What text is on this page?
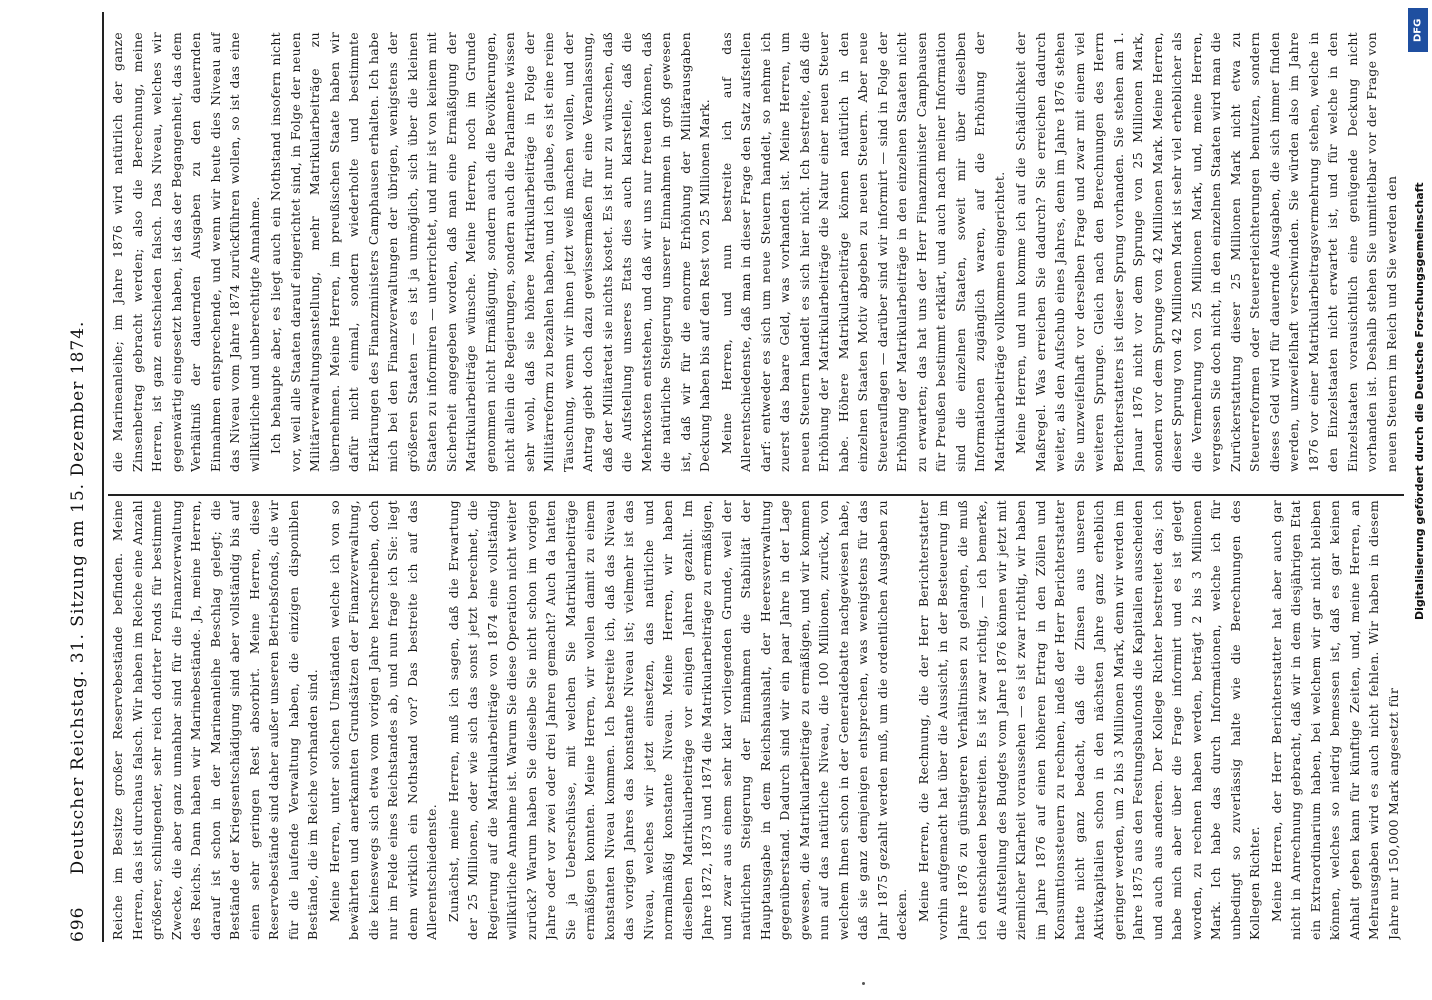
696
Deutscher Reichstag. 31. Sitzung am 15. Dezember 1874. Reiche im Besitze großer Reservebestände befinden. Meine Herren, das ist durchaus falsch. Wir haben im Reiche eine Anzahl größerer, schlingender, sehr reich dotirter Fonds für bestimmte Zwecke, die aber ganz unnahbar sind für die Finanzverwaltung des Reichs. Dann haben wir Marinebestände. Ja, meine Herren, darauf ist schon in der Marineanleihe Beschlag gelegt; die Bestände der Kriegsentschädigung sind aber vollständig bis auf einen sehr geringen Rest absorbirt. Meine Herren, diese Reservebestände sind daher außer unseren Betriebsfonds, die wir für die laufende Verwaltung haben, die einzigen disponiblen Bestände, die im Reiche vorhanden sind. Meine Herren, unter solchen Umständen welche ich von so bewährten und anerkannten Grundsätzen der Finanzverwaltung, die keineswegs sich etwa vom vorigen Jahre herschreiben, doch nur im Felde eines Reichstandes ab, und nun frage ich Sie: liegt denn wirklich ein Nothstand vor? Das bestreite ich auf das Allerentschiedenste. Zunächst, meine Herren, muß ich sagen, daß die Erwartung der 25 Millionen, oder wie sich das sonst jetzt berechnet, die Regierung auf die Matrikularbeiträge von 1874 eine vollständig willkürliche Annahme ist. Warum Sie diese Operation nicht weiter zurück? Warum haben Sie dieselbe Sie nicht schon im vorigen Jahre oder vor zwei oder drei Jahren gemacht? Auch da hatten Sie ja Ueberschüsse, mit welchen Sie Matrikularbeiträge ermäßigen konnten. Meine Herren, wir wollen damit zu einem konstanten Niveau kommen. Ich bestreite ich, daß das Niveau das vorigen Jahres das konstante Niveau ist; vielmehr ist das Niveau, welches wir jetzt einsetzen, das natürliche und normalmäßig konstante Niveau. Meine Herren, wir haben dieselben Matrikularbeiträge vor einigen Jahren gezahlt. Im Jahre 1872, 1873 und 1874 die Matrikularbeiträge zu ermäßigen, und zwar aus einem sehr klar vorliegenden Grunde, weil der natürlichen Steigerung der Einnahmen die Stabilität der Hauptausgabe in dem Reichshaushalt, der Heeresverwaltung gegenüberstand. Dadurch sind wir ein paar Jahre in der Lage gewesen, die Matrikularbeiträge zu ermäßigen, und wir kommen nun auf das natürliche Niveau, die 100 Millionen, zurück, von welchem Ihnen schon in der Generaldebatte nachgewiesen habe, daß sie ganz demjenigen entsprechen, was wenigstens für das Jahr 1875 gezahlt werden muß, um die ordentlichen Ausgaben zu decken. Meine Herren, die Rechnung, die der Herr Berichterstatter vorhin aufgemacht hat über die Aussicht, in der Besteuerung im Jahre 1876 zu günstigeren Verhältnissen zu gelangen, die muß ich entschieden bestreiten. Es ist zwar richtig, — ich bemerke, die Aufstellung des Budgets vom Jahre 1876 können wir jetzt mit ziemlicher Klarheit voraussehen — es ist zwar richtig, wir haben im Jahre 1876 auf einen höheren Ertrag in den Zöllen und Konsumtionssteuern zu rechnen, indeß der Herr Berichterstatter hatte nicht ganz bedacht, daß die Zinsen aus unseren Aktivkapitalien schon in den nächsten Jahre ganz erheblich geringer werden, um 2 bis 3 Millionen Mark, denn wir werden im Jahre 1875 aus den Festungsbaufonds die Kapitalien ausscheiden und auch aus anderen. Der Kollege Richter bestreitet das; ich habe mich aber über die Frage informirt und es ist gelegt worden, zu rechnen haben werden, beträgt 2 bis 3 Millionen Mark. Ich habe das durch Informationen, welche ich für unbedingt so zuverlässig halte wie die Berechnungen des Kollegen Richter. Meine Herren, der Herr Berichterstatter hat aber auch gar nicht in Anrechnung gebracht, daß wir in dem diesjährigen Etat ein Extraordinarium haben, bei welchem wir gar nicht bleiben können, welches so niedrig bemessen ist, daß es gar keinen Anhalt geben kann für künftige Zeiten, und, meine Herren, an Mehrausgaben wird es auch nicht fehlen. Wir haben in diesem Jahre nur 150,000 Mark angesetzt für

die Marineanleihe; im Jahre 1876 wird natürlich der ganze Zinsenbetrag gebracht werden; also die Berechnung, meine Herren, ist ganz entschieden falsch. Das Niveau, welches wir gegenwärtig eingesetzt haben, ist das der Begangenheit, das dem Verhältniß der dauernden Ausgaben zu den dauernden Einnahmen entsprechende, und wenn wir heute dies Niveau auf das Niveau vom Jahre 1874 zurückführen wollen, so ist das eine willkürliche und unberechtigte Annahme. Ich behaupte aber, es liegt auch ein Nothstand insofern nicht vor, weil alle Staaten darauf eingerichtet sind, in Folge der neuen Militärverwaltungsanstellung, mehr Matrikularbeiträge zu übernehmen. Meine Herren, im preußischen Staate haben wir dafür nicht einmal, sondern wiederholte und bestimmte Erklärungen des Finanzministers Camphausen erhalten. Ich habe mich bei den Finanzverwaltungen der übrigen, wenigstens der größeren Staaten — es ist ja unmöglich, sich über die kleinen Staaten zu informiren — unterrichtet, und mir ist von keinem mit Sicherheit angegeben worden, daß man eine Ermäßigung der Matrikularbeiträge wünsche. Meine Herren, noch im Grunde genommen nicht Ermäßigung, sondern auch die Bevölkerungen, nicht allein die Regierungen, sondern auch die Parlamente wissen sehr wohl, daß sie höhere Matrikularbeiträge in Folge der Militärreform zu bezahlen haben, und ich glaube, es ist eine reine Täuschung, wenn wir ihnen jetzt weiß machen wollen, und der Antrag giebt doch dazu gewissermaßen für eine Veranlassung, daß der Militäretat sie nichts kostet. Es ist nur zu wünschen, daß die Aufstellung unseres Etats dies auch klarstelle, daß die Mehrkosten entstehen, und daß wir uns nur freuen können, daß die natürliche Steigerung unserer Einnahmen in groß gewesen ist, daß wir für die enorme Erhöhung der Militärausgaben Deckung haben bis auf den Rest von 25 Millionen Mark. Meine Herren, und nun bestreite ich auf das Allerentschiedenste, daß man in dieser Frage den Satz aufstellen darf: entweder es sich um neue Steuern handelt, so nehme ich zuerst das baare Geld, was vorhanden ist. Meine Herren, um neuen Steuern handelt es sich hier nicht. Ich bestreite, daß die Erhöhung der Matrikularbeiträge die Natur einer neuen Steuer habe. Höhere Matrikularbeiträge können natürlich in den einzelnen Staaten Motiv abgeben zu neuen Steuern. Aber neue Steuerauflagen — darüber sind wir informirt — sind in Folge der Erhöhung der Matrikularbeiträge in den einzelnen Staaten nicht zu erwarten; das hat uns der Herr Finanzminister Camphausen für Preußen bestimmt erklärt, und auch nach meiner Information sind die einzelnen Staaten, soweit mir über dieselben Informationen zugänglich waren, auf die Erhöhung der Matrikularbeiträge vollkommen eingerichtet. Meine Herren, und nun komme ich auf die Schädlichkeit der Maßregel. Was erreichen Sie dadurch? Sie erreichen dadurch weiter, als den Aufschub eines Jahres, denn im Jahre 1876 stehen Sie unzweifelhaft vor derselben Frage und zwar mit einem viel weiteren Sprunge. Gleich nach den Berechnungen des Herrn Berichterstatters ist dieser Sprung vorhanden. Sie stehen am 1. Januar 1876 nicht vor dem Sprunge von 25 Millionen Mark, sondern vor dem Sprunge von 42 Millionen Mark. Meine Herren, dieser Sprung von 42 Millionen Mark ist sehr viel erheblicher als die Vermehrung von 25 Millionen Mark, und, meine Herren, vergessen Sie doch nicht, in den einzelnen Staaten wird man die Zurückerstattung dieser 25 Millionen Mark nicht etwa zu Steuerreformen oder Steuererleichterungen benutzen, sondern dieses Geld wird für dauernde Ausgaben, die sich immer finden werden, unzweifelhaft verschwinden. Sie würden also im Jahre 1876 vor einer Matrikularbeitragsvermehrung stehen, welche in den Einzelstaaten nicht erwartet ist, und für welche in den Einzelstaaten vorausichtlich eine genügende Deckung nicht vorhanden ist. Deshalb stehen Sie unmittelbar vor der Frage von neuen Steuern im Reich und Sie werden den

DFG
Digitalisierung gefördert durch die Deutsche Forschungsgemeinschaft
